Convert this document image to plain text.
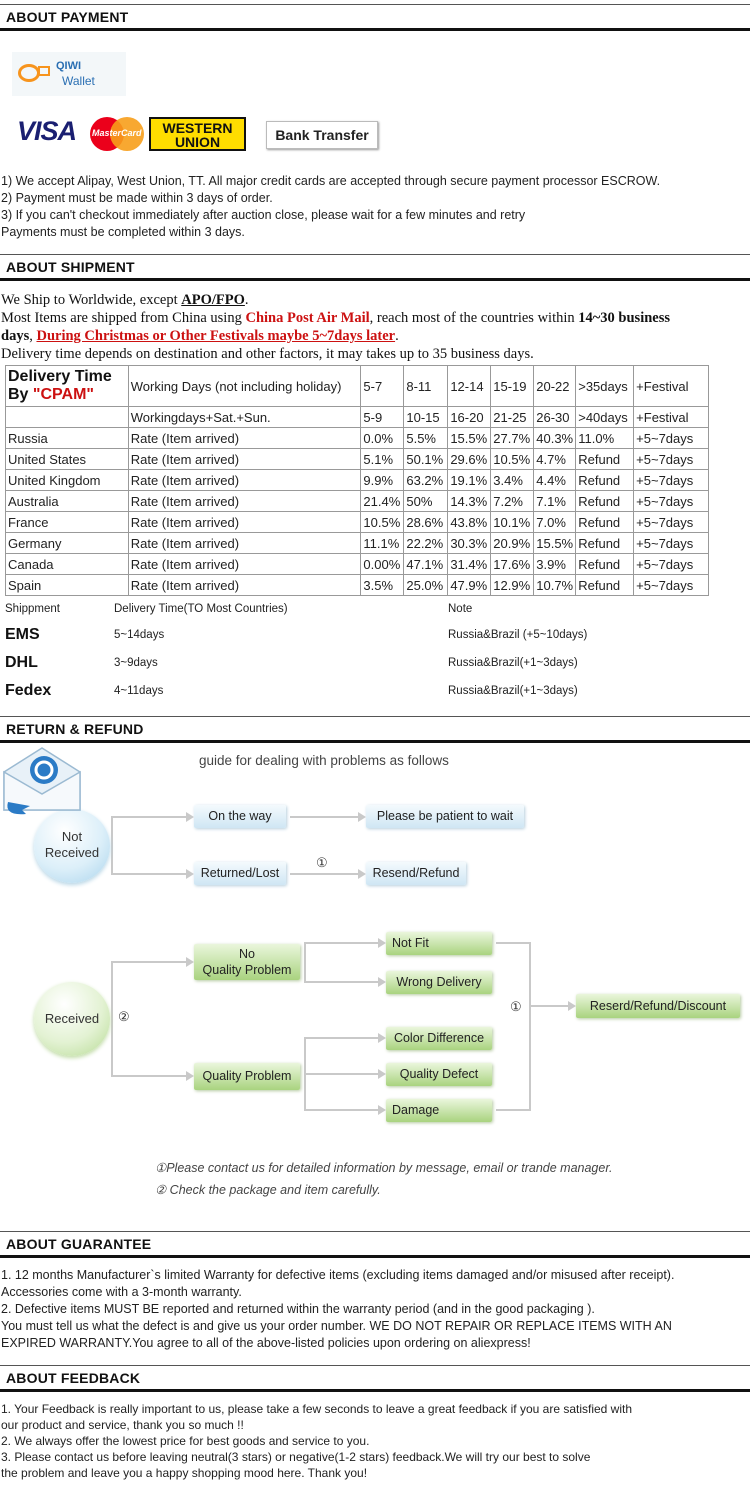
ABOUT PAYMENT
QIWI
Wallet
VISA MasterCard	WESTERN
UNION	Bank Transfer
1) We accept Alipay, West Union, TT. All major credit cards are accepted through secure payment processor ESCROW.
2) Payment must be made within 3 days of order.
3) If you can't checkout immediately after auction close, please wait for a few minutes and retry
Payments must be completed within 3 days.
ABOUT SHIPMENT
We Ship to Worldwide, except APO/FPO.
Most Items are shipped from China using China Post Air Mail, reach most of the countries within 14~30 business
days, During Christmas or Other Festivals maybe 5~7days later.
Delivery time depends on destination and other factors, it may takes up to 35 business days.
Delivery Time
By "CPAM"	Working Days (not including holiday)	5-7	8-11	12-14	15-19	20-22	>35days	+Festival
	Workingdays+Sat.+Sun.	5-9	10-15	16-20	21-25	26-30	>40days	+Festival
Russia	Rate (Item arrived)	0.0%	5.5%	15.5%	27.7%	40.3%	11.0%	+5~7days
United States	Rate (Item arrived)	5.1%	50.1%	29.6%	10.5%	4.7%	Refund	+5~7days
United Kingdom	Rate (Item arrived)	9.9%	63.2%	19.1%	3.4%	4.4%	Refund	+5~7days
Australia	Rate (Item arrived)	21.4%	50%	14.3%	7.2%	7.1%	Refund	+5~7days
France	Rate (Item arrived)	10.5%	28.6%	43.8%	10.1%	7.0%	Refund	+5~7days
Germany	Rate (Item arrived)	11.1%	22.2%	30.3%	20.9%	15.5%	Refund	+5~7days
Canada	Rate (Item arrived)	0.00%	47.1%	31.4%	17.6%	3.9%	Refund	+5~7days
Spain	Rate (Item arrived)	3.5%	25.0%	47.9%	12.9%	10.7%	Refund	+5~7days
Shippment	Delivery Time(TO Most Countries)	Note
EMS	5~14days	Russia&Brazil (+5~10days)
DHL	3~9days	Russia&Brazil(+1~3days)
Fedex	4~11days	Russia&Brazil(+1~3days)
RETURN & REFUND
guide for dealing with problems as follows
Not
Received
On the way	Please be patient to wait
Returned/Lost
①
Resend/Refund
Received	②
No
Quality Problem
Quality Problem
Not Fit
Wrong Delivery
Color Difference
Quality Defect
Damage
①	Reserd/Refund/Discount
①Please contact us for detailed information by message, email or trande manager.
② Check the package and item carefully.
ABOUT GUARANTEE
1. 12 months Manufacturer`s limited Warranty for defective items (excluding items damaged and/or misused after receipt).
Accessories come with a 3-month warranty.
2. Defective items MUST BE reported and returned within the warranty period (and in the good packaging ).
You must tell us what the defect is and give us your order number. WE DO NOT REPAIR OR REPLACE ITEMS WITH AN
EXPIRED WARRANTY.You agree to all of the above-listed policies upon ordering on aliexpress!
ABOUT FEEDBACK
1. Your Feedback is really important to us, please take a few seconds to leave a great feedback if you are satisfied with
our product and service, thank you so much !!
2. We always offer the lowest price for best goods and service to you.
3. Please contact us before leaving neutral(3 stars) or negative(1-2 stars) feedback.We will try our best to solve
the problem and leave you a happy shopping mood here. Thank you!
